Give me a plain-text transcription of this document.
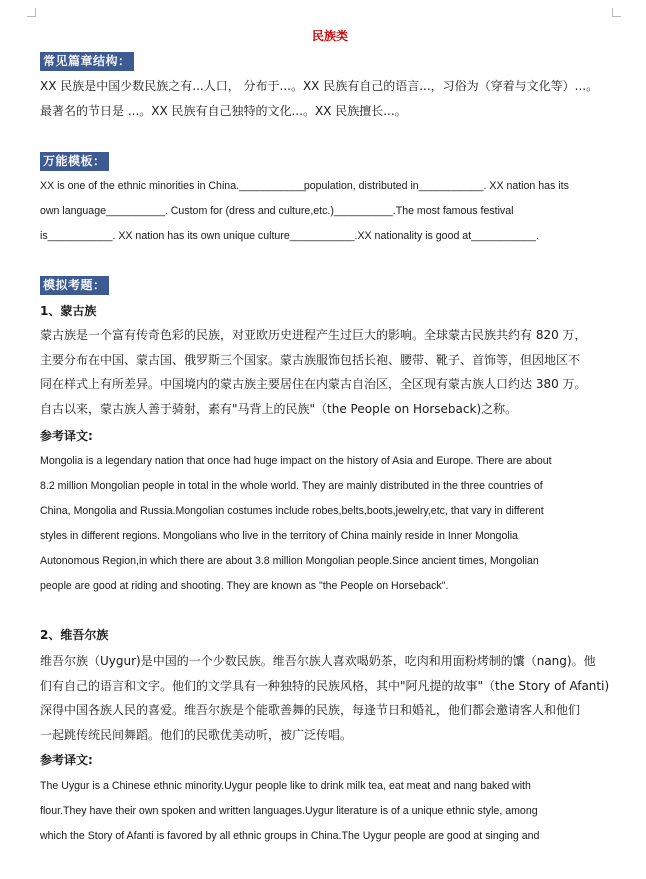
民族类
常见篇章结构：
XX 民族是中国少数民族之有...人口， 分布于...。XX 民族有自己的语言...，习俗为（穿着与文化等）...。
最著名的节日是 ...。XX 民族有自己独特的文化...。XX 民族擅长...。
万能模板：
XX is one of the ethnic minorities in China.___________population, distributed in___________. XX nation has its
own language__________. Custom for (dress and culture,etc.)__________.The most famous festival
is___________. XX nation has its own unique culture___________.XX nationality is good at___________.
模拟考题：
1、蒙古族
蒙古族是一个富有传奇色彩的民族，对亚欧历史进程产生过巨大的影响。全球蒙古民族共约有 820 万，
主要分布在中国、蒙古国、俄罗斯三个国家。蒙古族服饰包括长袍、腰带、靴子、首饰等，但因地区不
同在样式上有所差异。中国境内的蒙古族主要居住在内蒙古自治区，全区现有蒙古族人口约达 380 万。
自古以来，蒙古族人善于骑射，素有"马背上的民族"（the People on Horseback)之称。
参考译文:
Mongolia is a legendary nation that once had huge impact on the history of Asia and Europe. There are about
8.2 million Mongolian people in total in the whole world. They are mainly distributed in the three countries of
China, Mongolia and Russia.Mongolian costumes include robes,belts,boots,jewelry,etc, that vary in different
styles in different regions. Mongolians who live in the territory of China mainly reside in Inner Mongolia
Autonomous Region,in which there are about 3.8 million Mongolian people.Since ancient times, Mongolian
people are good at riding and shooting. They are known as "the People on Horseback".
2、维吾尔族
维吾尔族（Uygur)是中国的一个少数民族。维吾尔族人喜欢喝奶茶，吃肉和用面粉烤制的馕（nang)。他
们有自己的语言和文字。他们的文学具有一种独特的民族风格，其中"阿凡提的故事"（the Story of Afanti)
深得中国各族人民的喜爱。维吾尔族是个能歌善舞的民族，每逢节日和婚礼，他们都会邀请客人和他们
一起跳传统民间舞蹈。他们的民歌优美动听，被广泛传唱。
参考译文:
The Uygur is a Chinese ethnic minority.Uygur people like to drink milk tea, eat meat and nang baked with
flour.They have their own spoken and written languages.Uygur literature is of a unique ethnic style, among
which the Story of Afanti is favored by all ethnic groups in China.The Uygur people are good at singing and
